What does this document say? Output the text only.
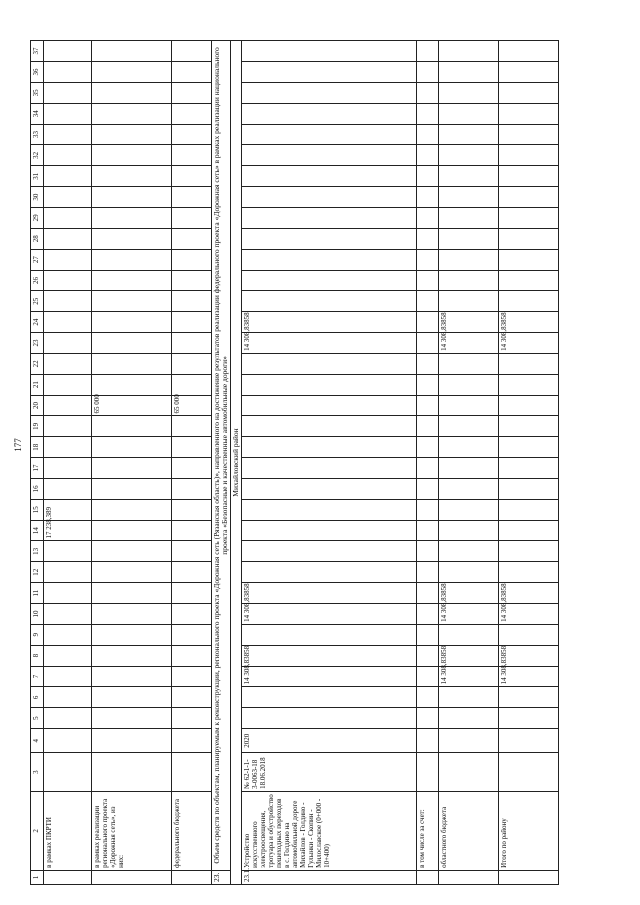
177
1	2	3	4	5	6	7	8	9	10	11	12	13	14	15	16	17	18	19	20	21	22	23	24	25	26	27	28	29	30	31	32	33	34	35	36	37
	в рамках ПКРТИ												17 238,389																							
	в рамках реализации регионального проекта «Дорожная сеть», из них:																		65 000																	
	федерального бюджета																		65 000																	
23.	Объем средств по объектам, планируемым к реконструкции, регионального проекта «Дорожная сеть (Рязанская область)», направленного на достижение результатов реализации федерального проекта «Дорожная сеть» в рамках реализации национального проекта «Безопасные и качественные автомобильные дороги»																																			
Михайловский район																																				
23.1.	Устройство искусственного электроосвещения, тротуара и обустройство пешеходных переходов в с. Голдино на автомобильной дороге Михайлов - Голдино - Гулынки - Скопин - Милославское (0+000 - 10+400)	№ 62-1-1-3-0063-18 18.06.2018	2020			14 308,83858			14 308,83858													14 308,83858														
	в том числе за счет:																																			
	областного бюджета					14 308,83858			14 308,83858													14 308,83858														
	Итого по району					14 308,83858			14 308,83858													14 308,83858														
